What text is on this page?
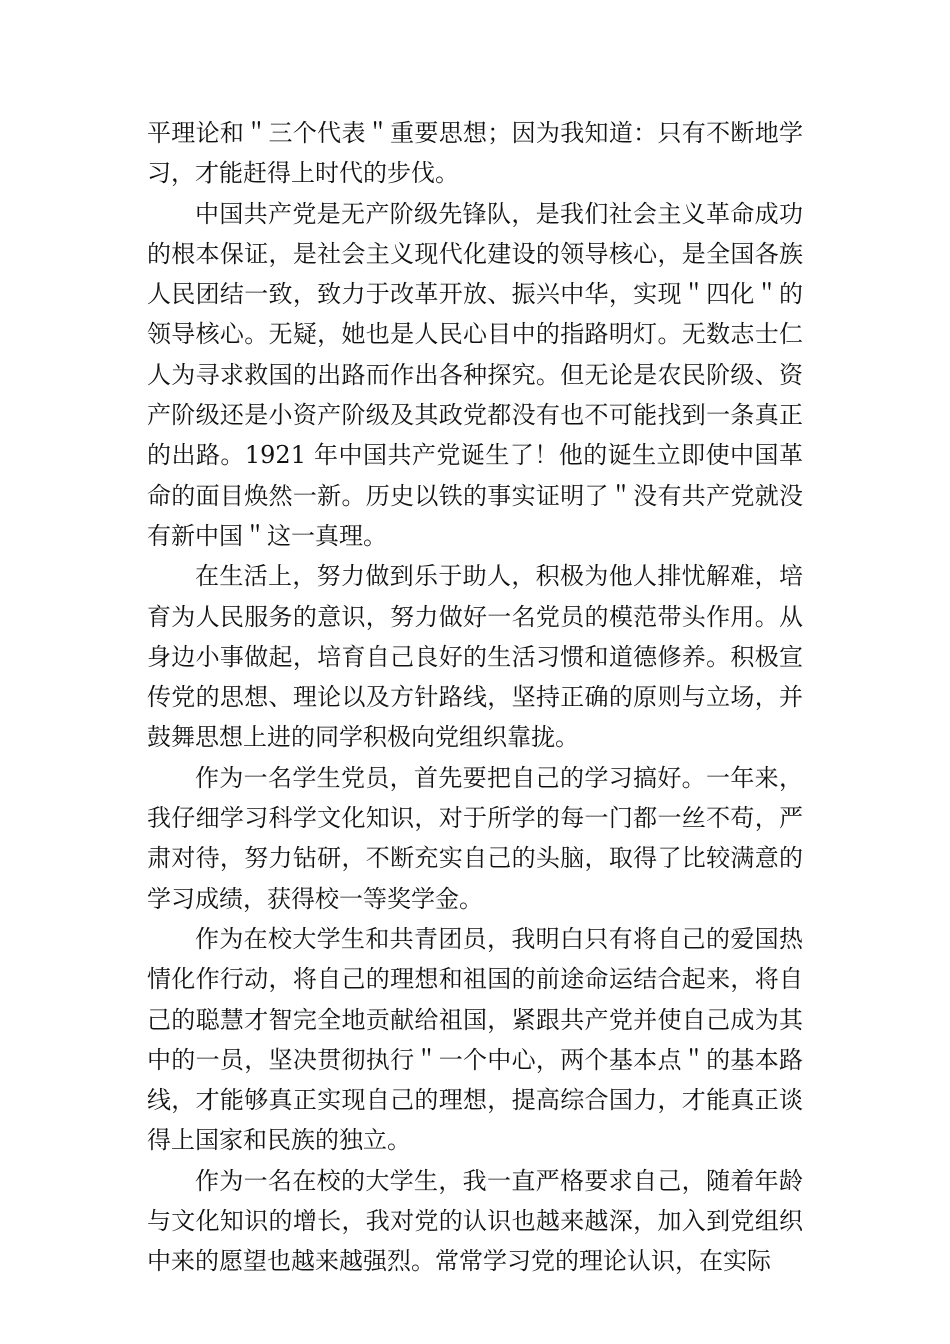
平理论和＂三个代表＂重要思想；因为我知道：只有不断地学习，才能赶得上时代的步伐。

中国共产党是无产阶级先锋队，是我们社会主义革命成功的根本保证，是社会主义现代化建设的领导核心，是全国各族人民团结一致，致力于改革开放、振兴中华，实现＂四化＂的领导核心。无疑，她也是人民心目中的指路明灯。无数志士仁人为寻求救国的出路而作出各种探究。但无论是农民阶级、资产阶级还是小资产阶级及其政党都没有也不可能找到一条真正的出路。1921 年中国共产党诞生了！他的诞生立即使中国革命的面目焕然一新。历史以铁的事实证明了＂没有共产党就没有新中国＂这一真理。

在生活上，努力做到乐于助人，积极为他人排忧解难，培育为人民服务的意识，努力做好一名党员的模范带头作用。从身边小事做起，培育自己良好的生活习惯和道德修养。积极宣传党的思想、理论以及方针路线，坚持正确的原则与立场，并鼓舞思想上进的同学积极向党组织靠拢。

作为一名学生党员，首先要把自己的学习搞好。一年来，我仔细学习科学文化知识，对于所学的每一门都一丝不苟，严肃对待，努力钻研，不断充实自己的头脑，取得了比较满意的学习成绩，获得校一等奖学金。

作为在校大学生和共青团员，我明白只有将自己的爱国热情化作行动，将自己的理想和祖国的前途命运结合起来，将自己的聪慧才智完全地贡献给祖国，紧跟共产党并使自己成为其中的一员，坚决贯彻执行＂一个中心，两个基本点＂的基本路线，才能够真正实现自己的理想，提高综合国力，才能真正谈得上国家和民族的独立。

作为一名在校的大学生，我一直严格要求自己，随着年龄与文化知识的增长，我对党的认识也越来越深，加入到党组织中来的愿望也越来越强烈。常常学习党的理论认识，在实际
